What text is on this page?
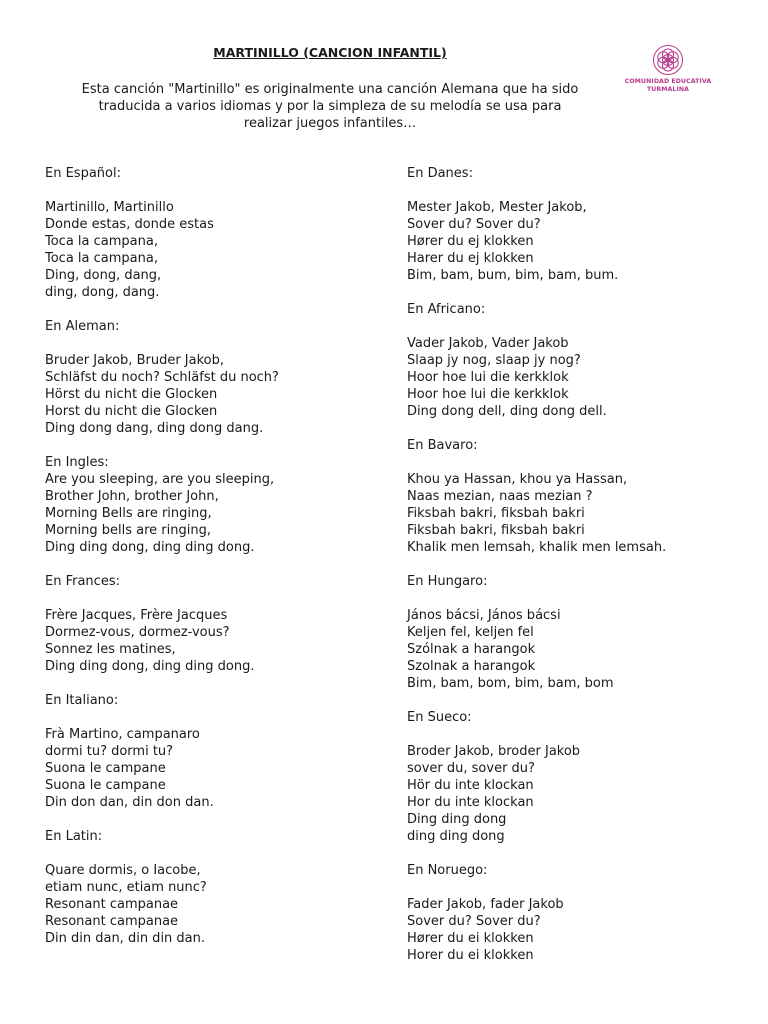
MARTINILLO (CANCION INFANTIL)
Esta canción "Martinillo" es originalmente una canción Alemana que ha sido traducida a varios idiomas y por la simpleza de su melodía se usa para realizar juegos infantiles…
COMUNIDAD EDUCATIVA
TURMALINA
En Español:
Martinillo, Martinillo
Donde estas, donde estas
Toca la campana,
Toca la campana,
Ding, dong, dang,
ding, dong, dang.
En Aleman:
Bruder Jakob, Bruder Jakob,
Schläfst du noch? Schläfst du noch?
Hörst du nicht die Glocken
Horst du nicht die Glocken
Ding dong dang, ding dong dang.
En Ingles:
Are you sleeping, are you sleeping,
Brother John, brother John,
Morning Bells are ringing,
Morning bells are ringing,
Ding ding dong, ding ding dong.
En Frances:
Frère Jacques, Frère Jacques
Dormez-vous, dormez-vous?
Sonnez les matines,
Ding ding dong, ding ding dong.
En Italiano:
Frà Martino, campanaro
dormi tu? dormi tu?
Suona le campane
Suona le campane
Din don dan, din don dan.
En Latin:
Quare dormis, o Iacobe,
etiam nunc, etiam nunc?
Resonant campanae
Resonant campanae
Din din dan, din din dan.
En Danes:
Mester Jakob, Mester Jakob,
Sover du? Sover du?
Hører du ej klokken
Harer du ej klokken
Bim, bam, bum, bim, bam, bum.
En Africano:
Vader Jakob, Vader Jakob
Slaap jy nog, slaap jy nog?
Hoor hoe lui die kerkklok
Hoor hoe lui die kerkklok
Ding dong dell, ding dong dell.
En Bavaro:
Khou ya Hassan, khou ya Hassan,
Naas mezian, naas mezian ?
Fiksbah bakri, fiksbah bakri
Fiksbah bakri, fiksbah bakri
Khalik men lemsah, khalik men lemsah.
En Hungaro:
János bácsi, János bácsi
Keljen fel, keljen fel
Szólnak a harangok
Szolnak a harangok
Bim, bam, bom, bim, bam, bom
En Sueco:
Broder Jakob, broder Jakob
sover du, sover du?
Hör du inte klockan
Hor du inte klockan
Ding ding dong
ding ding dong
En Noruego:
Fader Jakob, fader Jakob
Sover du? Sover du?
Hører du ei klokken
Horer du ei klokken
